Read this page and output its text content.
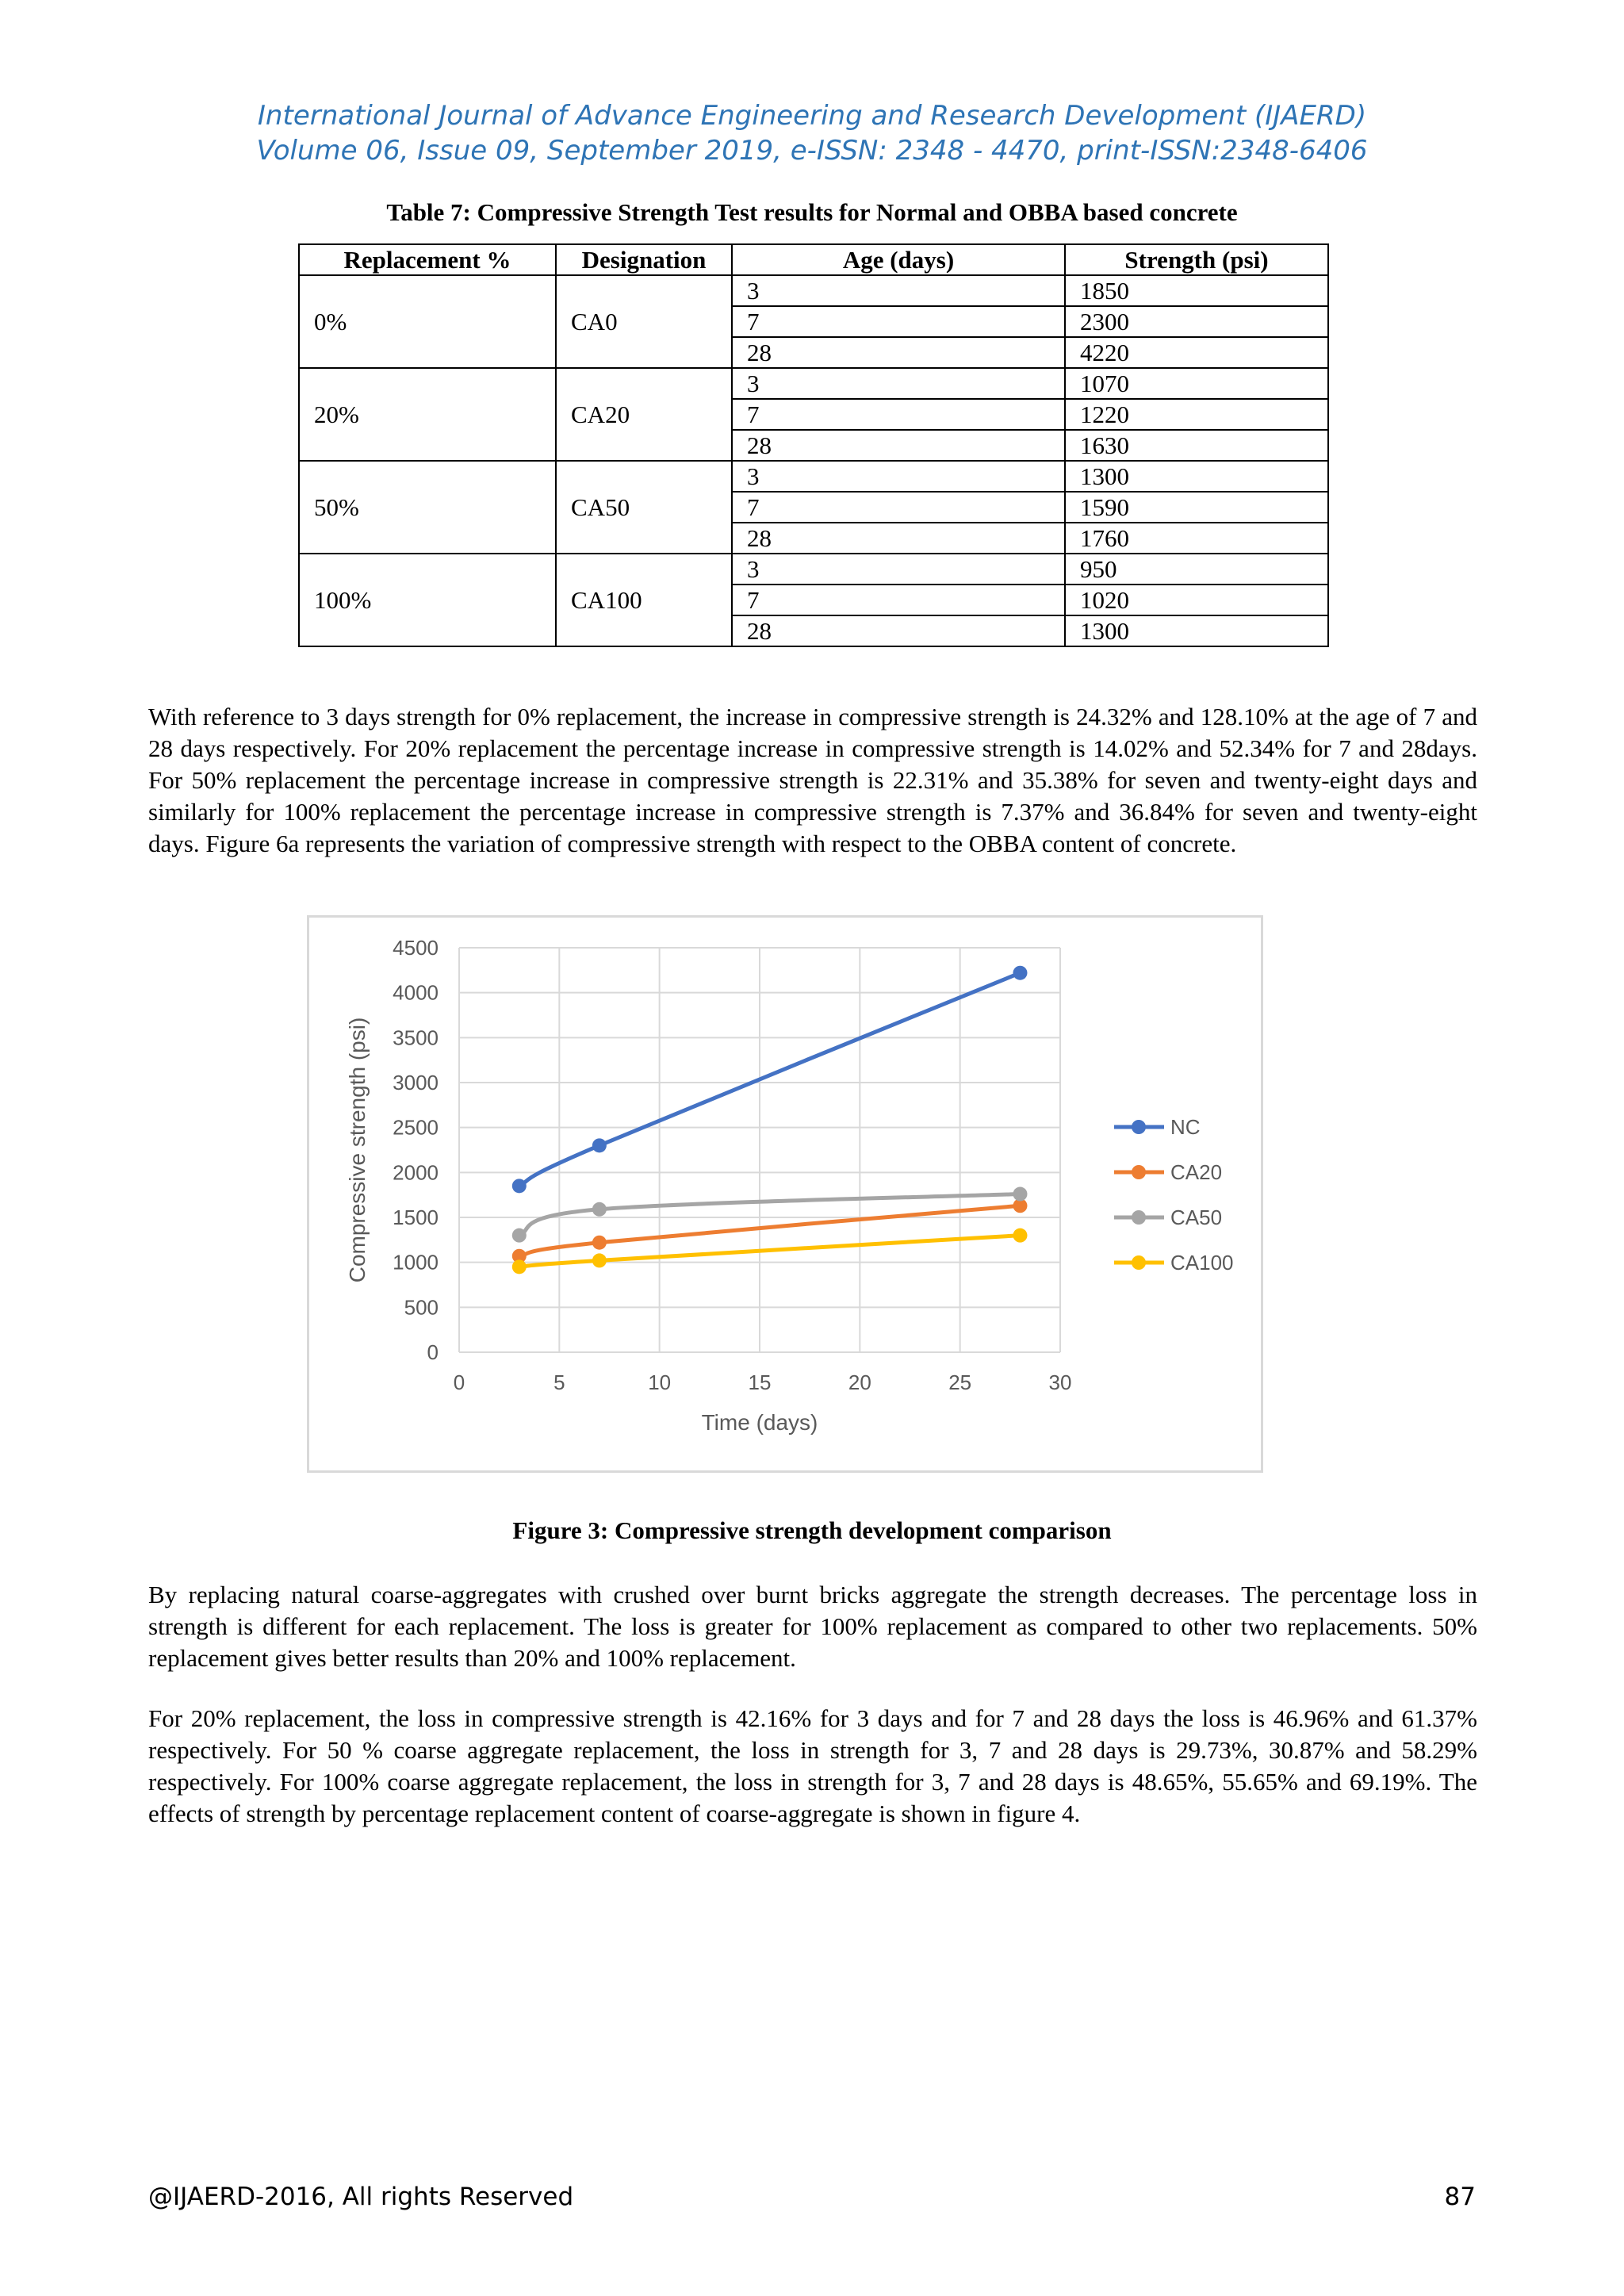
International Journal of Advance Engineering and Research Development (IJAERD)
Volume 06, Issue 09, September 2019, e-ISSN: 2348 - 4470, print-ISSN:2348-6406
Table 7: Compressive Strength Test results for Normal and OBBA based concrete
Replacement %	Designation	Age (days)	Strength (psi)
0%	CA0	3	1850
		7	2300
		28	4220
20%	CA20	3	1070
		7	1220
		28	1630
50%	CA50	3	1300
		7	1590
		28	1760
100%	CA100	3	950
		7	1020
		28	1300
With reference to 3 days strength for 0% replacement, the increase in compressive strength is 24.32% and 128.10% at the age of 7 and 28 days respectively. For 20% replacement the percentage increase in compressive strength is 14.02% and 52.34% for 7 and 28days. For 50% replacement the percentage increase in compressive strength is 22.31% and 35.38% for seven and twenty-eight days and similarly for 100% replacement the percentage increase in compressive strength is 7.37% and 36.84% for seven and twenty-eight days. Figure 6a represents the variation of compressive strength with respect to the OBBA content of concrete.
0
500
1000
1500
2000
2500
3000
3500
4000
4500
0	5	10	15	20	25	30
Time (days)
Compressive strength (psi)	NC
CA20
CA50
CA100
Figure 3: Compressive strength development comparison
By replacing natural coarse-aggregates with crushed over burnt bricks aggregate the strength decreases. The percentage loss in strength is different for each replacement. The loss is greater for 100% replacement as compared to other two replacements. 50% replacement gives better results than 20% and 100% replacement.
For 20% replacement, the loss in compressive strength is 42.16% for 3 days and for 7 and 28 days the loss is 46.96% and 61.37% respectively. For 50 % coarse aggregate replacement, the loss in strength for 3, 7 and 28 days is 29.73%, 30.87% and 58.29% respectively. For 100% coarse aggregate replacement, the loss in strength for 3, 7 and 28 days is 48.65%, 55.65% and 69.19%. The effects of strength by percentage replacement content of coarse-aggregate is shown in figure 4.
@IJAERD-2016, All rights Reserved	87
